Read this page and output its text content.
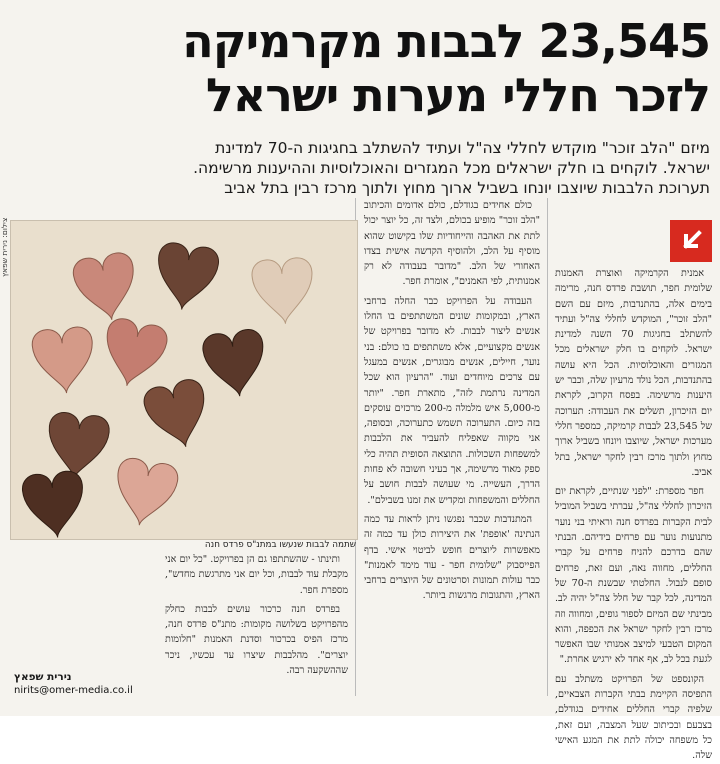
23,545 לבבות מקרמיקה
לזכר חללי מערות ישראל
מיזם "הלב זוכר" מוקדש לחללי צה"ל ועתיד להשתלב בחגיגות ה-70 למדינת ישראל. לוקחים בו חלק ישראלים מכל המגזרים והאוכלוסיות וההיענות מרשימה. תערוכת הלבבות שיוצבו יונחו בשביל ארוך מחוץ ולתוך מרכז רבין בתל אביב

אמנית הקרמיקה ואוצרת האמנות שלומית חפר, תושבת פרדס חנה, מרימה בימים אלה, בהתנדבות, מיזם עם השם "הלב זוכר", המוקדש לחללי צה"ל ועתיד להשתלב בחגיגות 70 השנה למדינת ישראל. לוקחים בו חלק ישראלים מכל המגזרים והאוכלוסיות. הכל היא עושה בהתנדבות, הכל נולד מרעיון שלה, וכבר יש היענות מרשימה. בפסח הקרוב, לקראת יום הזיכרון, תשלים את העבודה: תערוכה של 23,545 לבבות קרמיקה, כמספר חללי מערכות ישראל, שיוצבו ויונחו בשביל ארוך מחוץ ולתוך מרכז רבין לחקר ישראל, בתל אביב.

חפר מספרת: "לפני שנתיים, לקראת יום הזיכרון לחללי צה"ל, עברתי בשביל המוביל לבית הקברות בפרדס חנה וראיתי בני נוער מתנועות נוער עם פרחים בידיהם. הבנתי שהם בדרכם להניח פרחים על קברי החללים, מחווה נאה, ועם זאת, פרחים סופם לנבול. החלטתי שבשנת ה-70 של המדינה, לכל קבר של חלל צה"ל יהיה לב. מבינתי שם המיזם לספור גופים, ומחווה וזה מרכז רבין לחקר ישראל את הכפפה, והוא המקום הטבעי למיצב אמנותי שבו האפשר לגעת בכל לב, אף אחד לא ירגיש אחרת."

הקונספט של הפרויקט משתלב עם התפיסה הקיימת בבתי הקברות הצבאיים, שלפיה קברי החללים אחידים בגודלם, בצבעם ובכיתוב שעל המצבה, ועם זאת, כל משפחה יכולה לתת את המגע האישי שלה.

כולם אחידים בגודלם, כולם אדומים והכיתוב "הלב זוכר" מופיע בכולם, ולצד זה, כל יוצר יכול לתת את האהבה והייחודיות שלו בקישוט שהוא מוסיף על הלב, ולהוסיף הקדשה אישית בצדו האחורי של הלב. "מדובר בעבודה לא רק אמנותית, לפי האמנים", אומרת חפר.

העבודה על הפרויקט כבר החלה ברחבי הארץ, ובמקומות שונים המשתתפים בו החלו אנשים ליצור לבבות. לא מדובר בפרויקט של אנשים מקצועיים, אלא משתתפים בו כולם: בני נוער, חיילים, אנשים מבוגרים, אנשים במעגל עם צרכים מיוחדים ועוד. "הרעיון הוא שכל המדינה נרתמת לזה", מתארת חפר. "יותר מ-5,000 איש מלמלה מ-200 מרכזים עוסקים בזה כיום. התערוכה תשמש כתערוכה, ובסופה, אני מקווה שאפליח להעביר את הלבבות למשפחות השכולות. התוצאה הסופית תהיה כלי ספק מאוד מרשימה, אך בעיני חשובה לא פחות הדרך, העשייה. מי שעושה לבבות חושב על החללים והמשפחות ומקדיש את זמנו בשבילם".

המתנדבות שכבר נפגשו ניתן לראות עד כמה הנתינה 'אופפת' את היצירות כולן עד כמה זה מאפשרות ליוצרים חופש לביטוי אישי. בדף הפייסבוק "שלומית חפר - עוד מימד לאמנות" כבר עולות תמונות וסרטונים של היוצרים ברחבי הארץ, והתגובות מרגשות ביותר.

צילום: נירית שפאץ
שתמה לבבות שנעשו במתנ"ס פרדס חנה

ותינתו - שהשתתפו גם הן בפרויקט. "כל יום אני מקבלת עוד לבבות, וכל יום אני מתרגשת מחדש", מספרת חפר.

בפרדס חנה כרכור עושים לבבות כחלק מהפרויקט בשלושה מקומות: מתנ"ס פרדס חנה, מרכז הפיס בכרכור וסדנת האמנות "חלומות יוצרים". מהלבבות שיצרו עד עכשיו, ניכר שההשקעה רבה.

נירית שפאץ
nirits@omer-media.co.il
